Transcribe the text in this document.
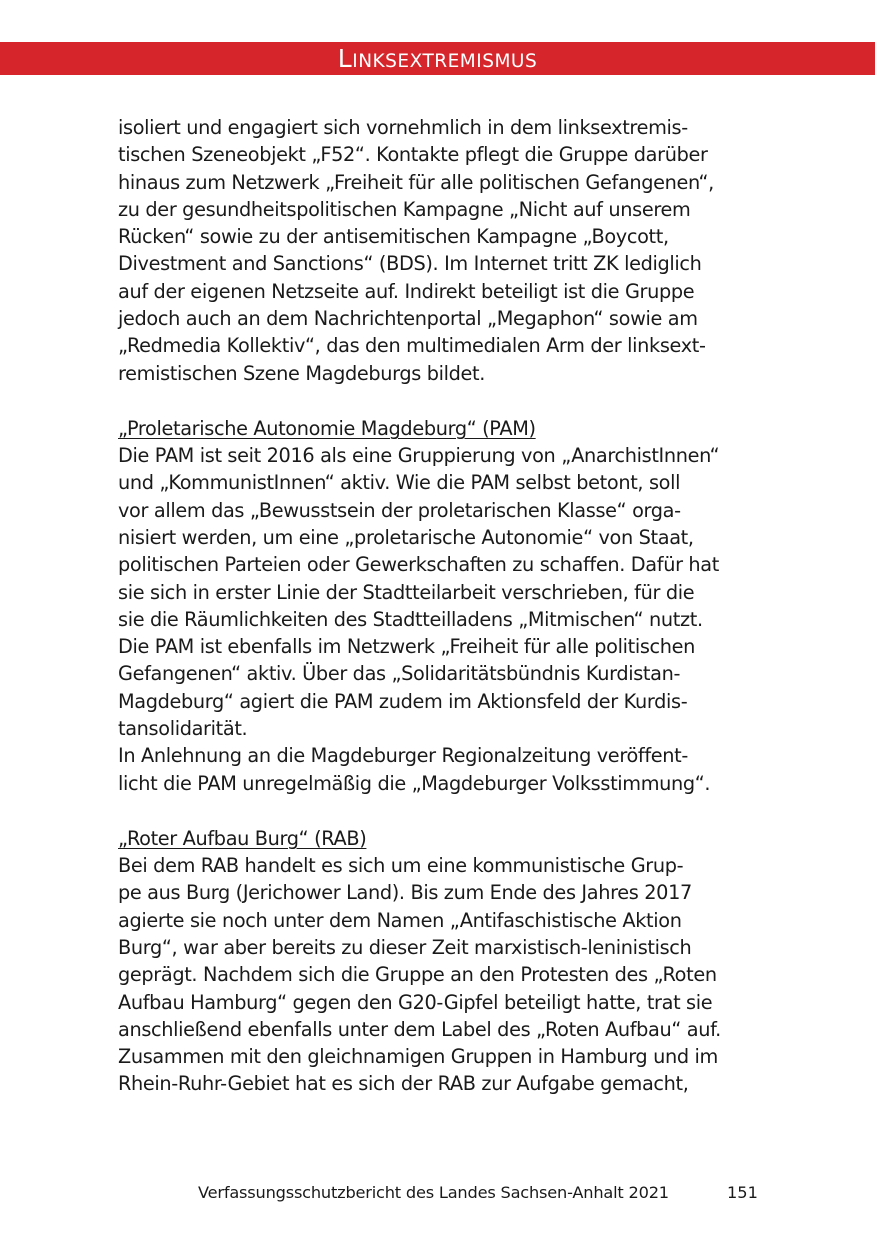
LINKSEXTREMISMUS
isoliert und engagiert sich vornehmlich in dem linksextremis-
tischen Szeneobjekt „F52“. Kontakte pflegt die Gruppe darüber
hinaus zum Netzwerk „Freiheit für alle politischen Gefangenen“,
zu der gesundheitspolitischen Kampagne „Nicht auf unserem
Rücken“ sowie zu der antisemitischen Kampagne „Boycott,
Divestment and Sanctions“ (BDS). Im Internet tritt ZK lediglich
auf der eigenen Netzseite auf. Indirekt beteiligt ist die Gruppe
jedoch auch an dem Nachrichtenportal „Megaphon“ sowie am
„Redmedia Kollektiv“, das den multimedialen Arm der linksext-
remistischen Szene Magdeburgs bildet.
„Proletarische Autonomie Magdeburg“ (PAM)
Die PAM ist seit 2016 als eine Gruppierung von „AnarchistInnen“
und „KommunistInnen“ aktiv. Wie die PAM selbst betont, soll
vor allem das „Bewusstsein der proletarischen Klasse“ orga-
nisiert werden, um eine „proletarische Autonomie“ von Staat,
politischen Parteien oder Gewerkschaften zu schaffen. Dafür hat
sie sich in erster Linie der Stadtteilarbeit verschrieben, für die
sie die Räumlichkeiten des Stadtteilladens „Mitmischen“ nutzt.
Die PAM ist ebenfalls im Netzwerk „Freiheit für alle politischen
Gefangenen“ aktiv. Über das „Solidaritätsbündnis Kurdistan-
Magdeburg“ agiert die PAM zudem im Aktionsfeld der Kurdis-
tansolidarität.
In Anlehnung an die Magdeburger Regionalzeitung veröffent-
licht die PAM unregelmäßig die „Magdeburger Volksstimmung“.
„Roter Aufbau Burg“ (RAB)
Bei dem RAB handelt es sich um eine kommunistische Grup-
pe aus Burg (Jerichower Land). Bis zum Ende des Jahres 2017
agierte sie noch unter dem Namen „Antifaschistische Aktion
Burg“, war aber bereits zu dieser Zeit marxistisch-leninistisch
geprägt. Nachdem sich die Gruppe an den Protesten des „Roten
Aufbau Hamburg“ gegen den G20-Gipfel beteiligt hatte, trat sie
anschließend ebenfalls unter dem Label des „Roten Aufbau“ auf.
Zusammen mit den gleichnamigen Gruppen in Hamburg und im
Rhein-Ruhr-Gebiet hat es sich der RAB zur Aufgabe gemacht,
Verfassungsschutzbericht des Landes Sachsen-Anhalt 2021	151
